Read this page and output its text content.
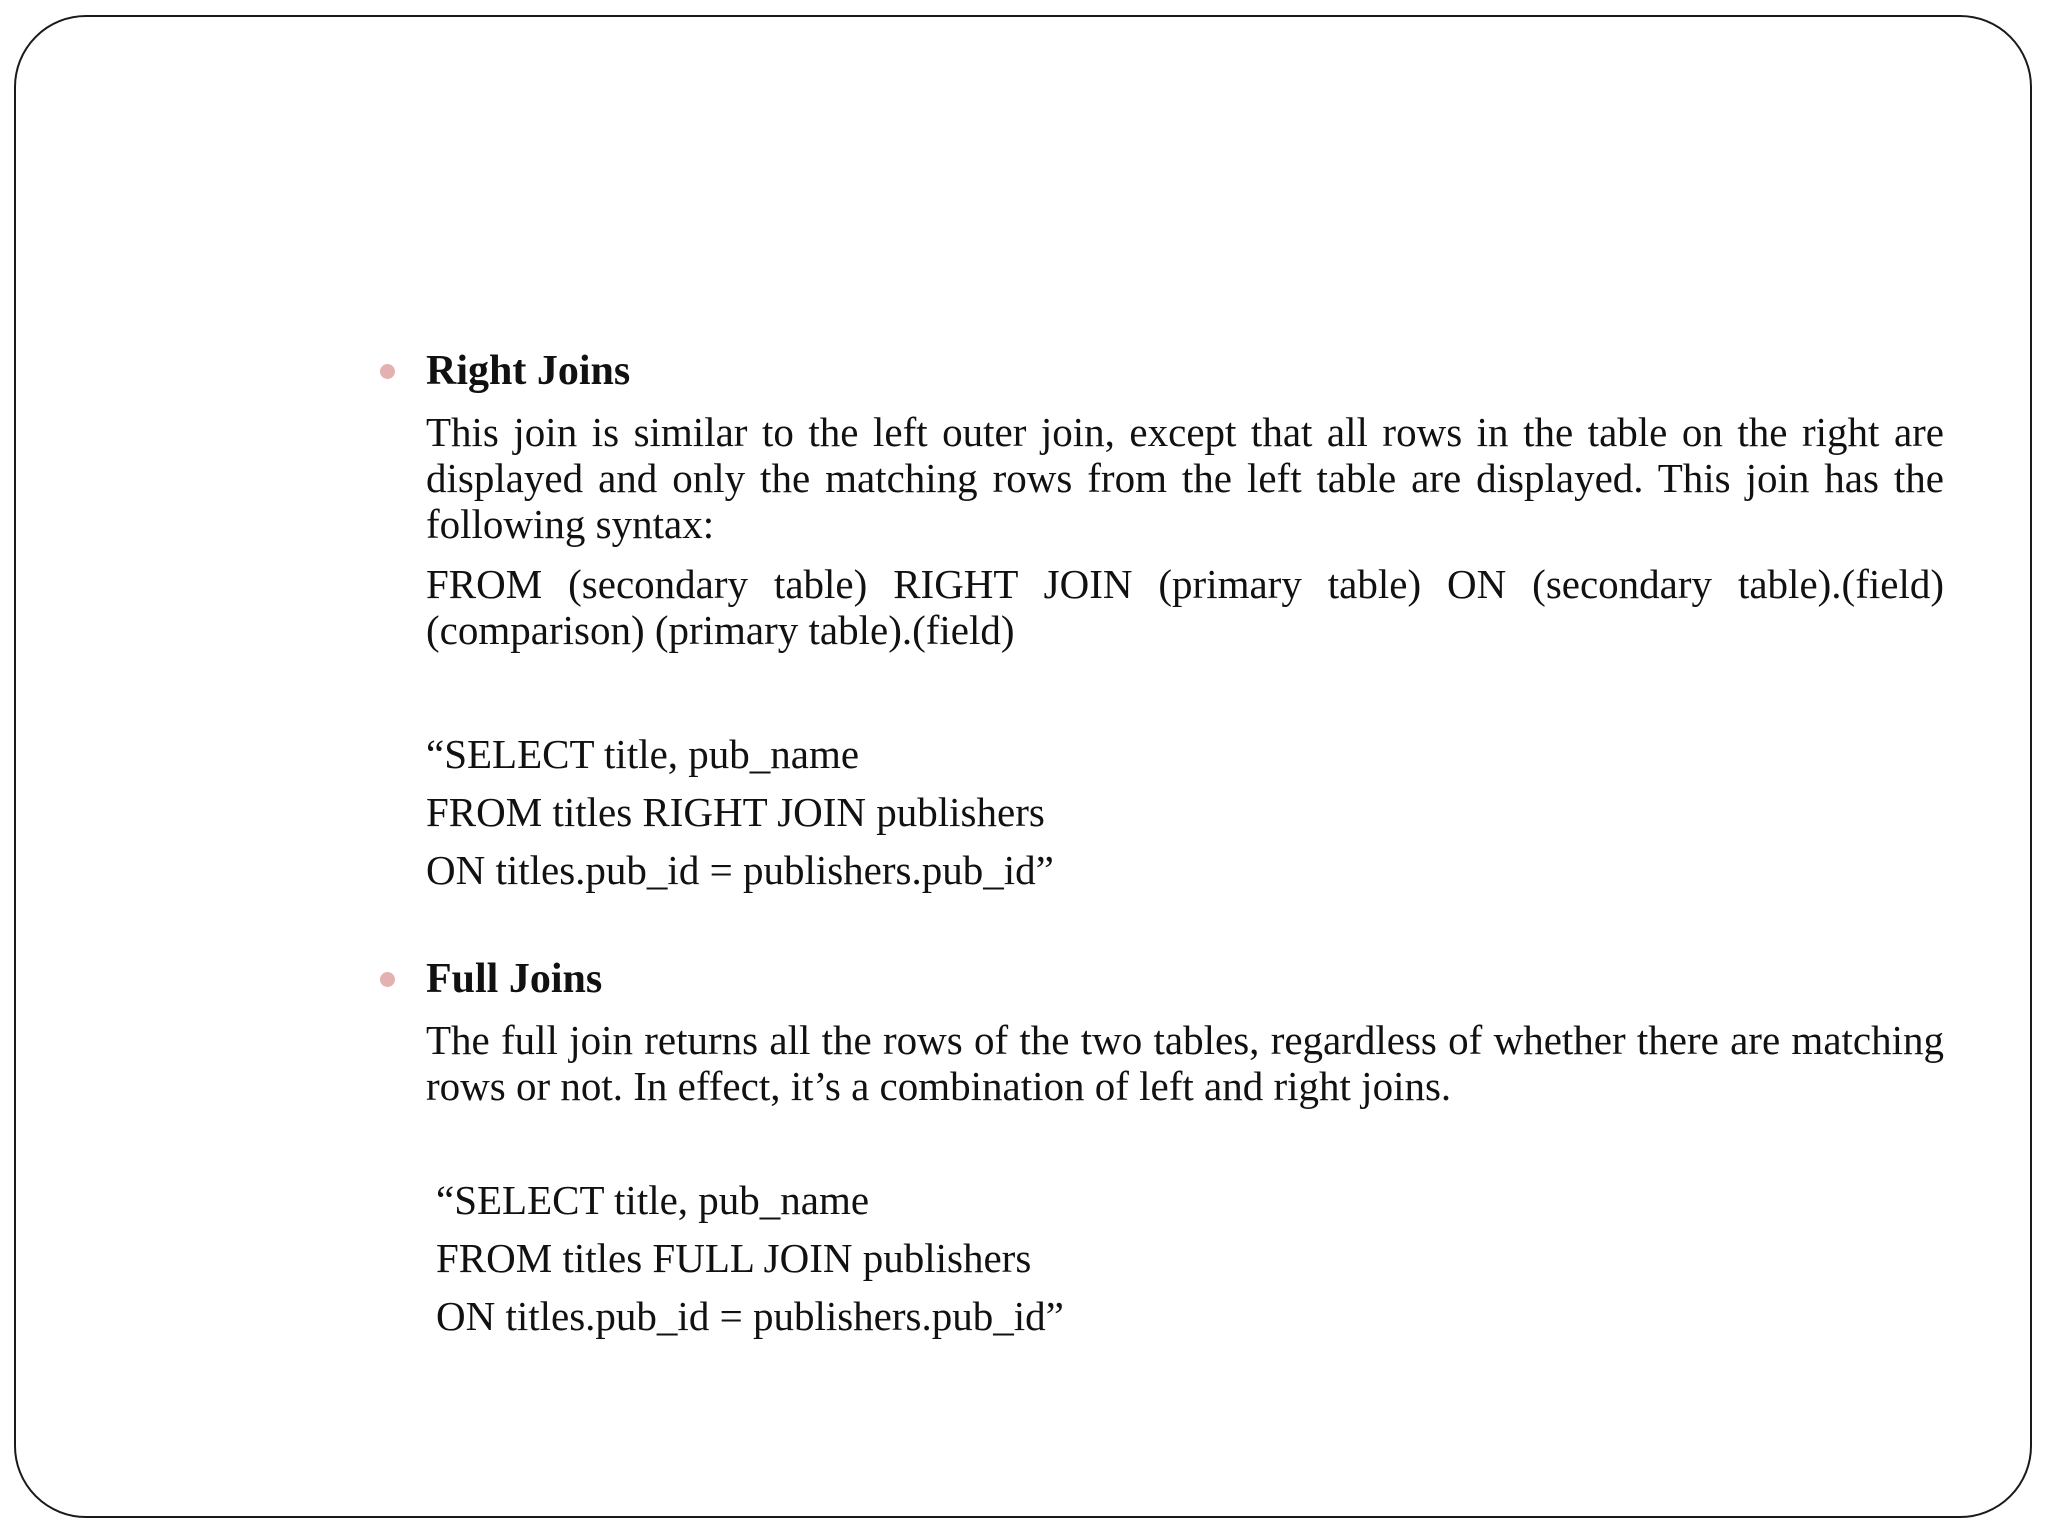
Right Joins

This join is similar to the left outer join, except that all rows in the table on the right are displayed and only the matching rows from the left table are displayed. This join has the following syntax:

FROM (secondary table) RIGHT JOIN (primary table) ON (secondary table).(field) (comparison) (primary table).(field)

“SELECT title, pub_name
FROM titles RIGHT JOIN publishers
ON titles.pub_id = publishers.pub_id”
Full Joins

The full join returns all the rows of the two tables, regardless of whether there are matching rows or not. In effect, it’s a combination of left and right joins.

“SELECT title, pub_name
FROM titles FULL JOIN publishers
ON titles.pub_id = publishers.pub_id”
